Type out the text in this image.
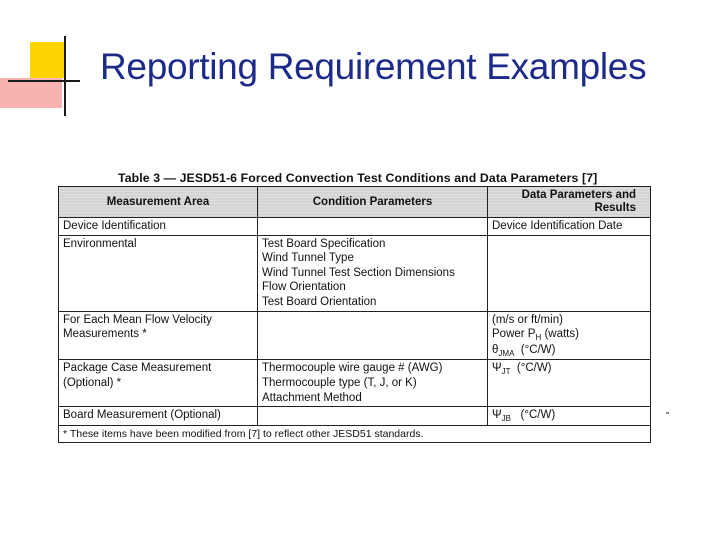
Reporting Requirement Examples
Table 3 — JESD51-6 Forced Convection Test Conditions and Data Parameters [7]
Measurement Area	Condition Parameters	Data Parameters and
Results

Device Identification		Device Identification Date

Environmental	Test Board Specification
Wind Tunnel Type
Wind Tunnel Test Section Dimensions
Flow Orientation
Test Board Orientation	

For Each Mean Flow Velocity
Measurements *		(m/s or ft/min)
Power $P_H$ (watts)
$\theta_{JMA}$  (°C/W)

Package Case Measurement
(Optional) *	Thermocouple wire gauge # (AWG)
Thermocouple type (T, J, or K)
Attachment Method	$\Psi_{JT}$  (°C/W)

Board Measurement (Optional)		$\Psi_{JB}$   (°C/W)

* These items have been modified from [7] to reflect other JESD51 standards.		
